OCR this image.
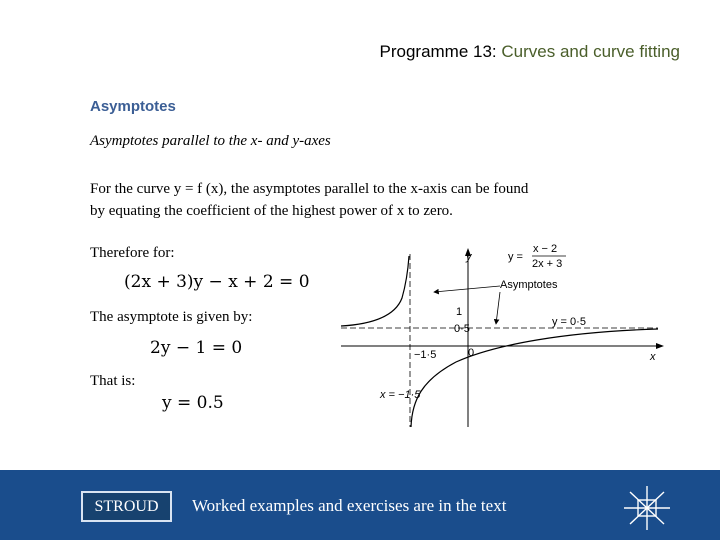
Programme 13: Curves and curve fitting
Asymptotes
Asymptotes parallel to the x- and y-axes
For the curve y = f (x), the asymptotes parallel to the x-axis can be found
by equating the coefficient of the highest power of x to zero.
Therefore for:
(2x + 3)y − x + 2 = 0
The asymptote is given by:
2y − 1 = 0
That is:
y = 0.5
y
x
y =
x − 2
2x + 3
Asymptotes
1
y = 0·5
0·5
−1·5	0
x = −1·5
STROUD	Worked examples and exercises are in the text
